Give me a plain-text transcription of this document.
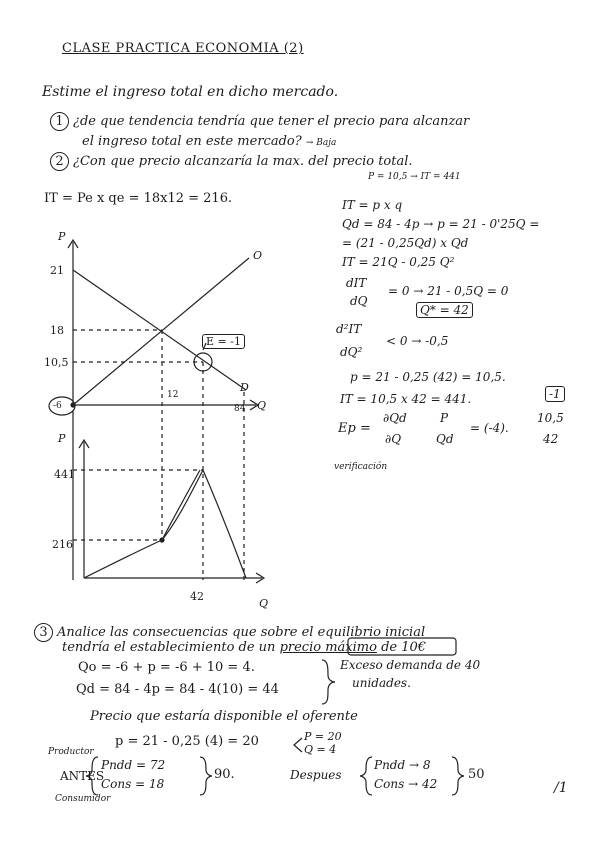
CLASE PRACTICA ECONOMIA (2)
Estime el ingreso total en dicho mercado.
1 ¿de que tendencia tendría que tener el precio para alcanzar
el ingreso total en este mercado? → Baja
2 ¿Con que precio alcanzaría la max. del precio total.
P = 10,5 → IT = 441
IT = Pe x qe = 18x12 = 216.	IT = p x q
Qd = 84 - 4p → p = 21 - 0'25Q =
= (21 - 0,25Qd) x Qd
IT = 21Q - 0,25 Q²
dIT
dQ
= 0 → 21 - 0,5Q = 0
Q* = 42
d²IT
dQ²
< 0 → -0,5
p = 21 - 0,25 (42) = 10,5.
IT = 10,5 x 42 = 441.	-1
Ep =
∂Qd
∂Q
P
Qd
= (-4).
10,5
42
verificación
P
O
21
18
10,5
E = -1
D
12
84 Q
-6
P
441
216
42
Q
3 Analice las consecuencias que sobre el equilibrio inicial
tendría el establecimiento de un precio máximo de 10€
Qo = -6 + p = -6 + 10 = 4.
Qd = 84 - 4p = 84 - 4(10) = 44
Exceso demanda de 40
unidades.
Precio que estaría disponible el oferente
Productor
p = 21 - 0,25 (4) = 20	P = 20
Q = 4
ANTES
Pndd = 72
Cons = 18
90.
Consumidor
Despues
Pndd → 8
Cons → 42
50
/1
